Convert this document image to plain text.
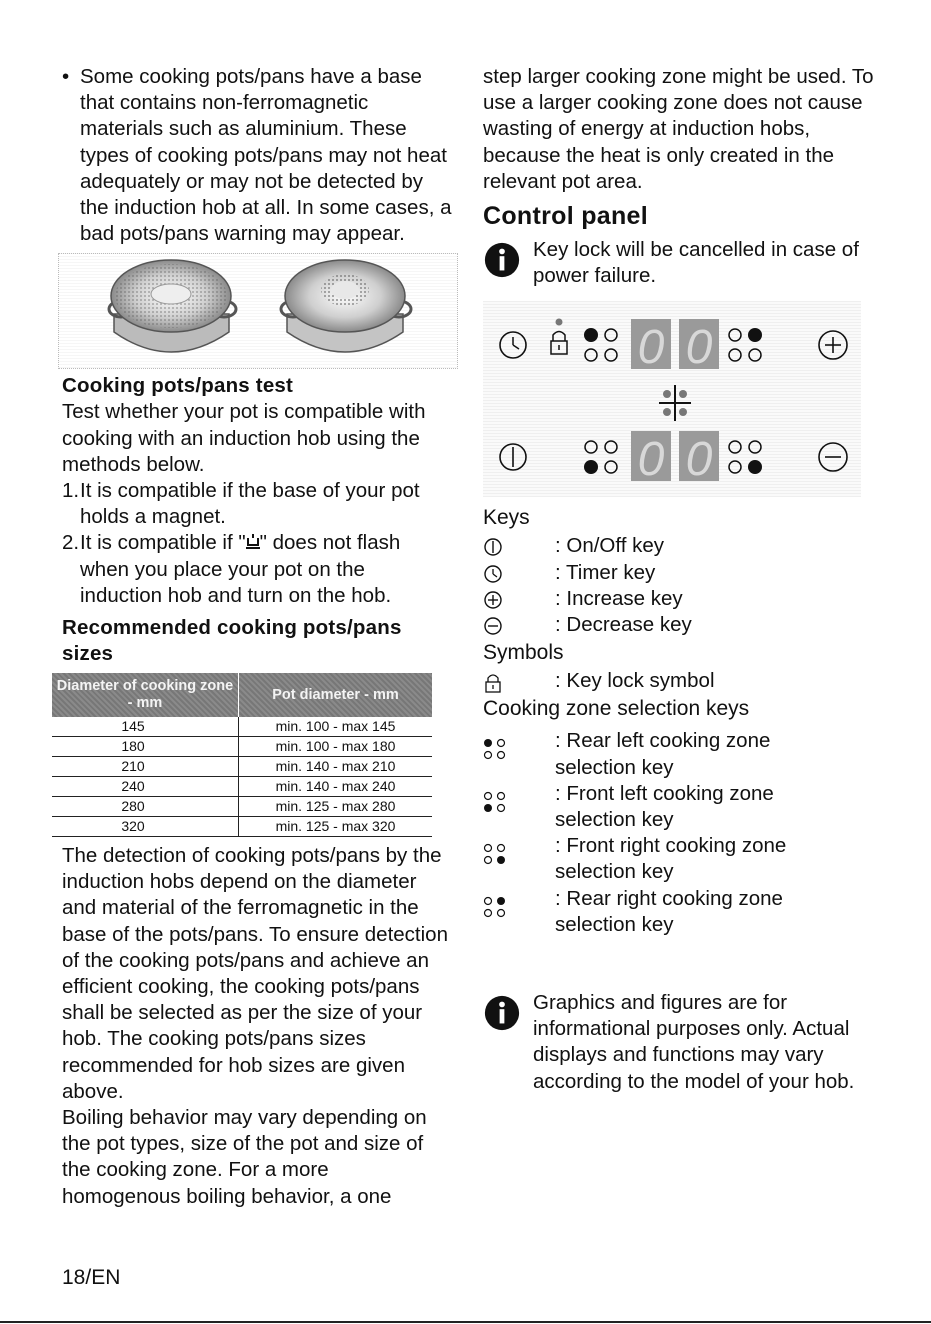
• Some cooking pots/pans have a base that contains non-ferromagnetic materials such as aluminium. These types of cooking pots/pans may not heat adequately or may not be detected by the induction hob at all. In some cases, a bad pots/pans warning may appear.

Cooking pots/pans test

Test whether your pot is compatible with cooking with an induction hob using the methods below.

1. It is compatible if the base of your pot holds a magnet.
2. It is compatible if " " does not flash when you place your pot on the induction hob and turn on the hob.
Recommended cooking pots/pans sizes
Diameter of cooking zone - mm	Pot diameter - mm
145	min. 100 - max 145
180	min. 100 - max 180
210	min. 140 - max 210
240	min. 140 - max 240
280	min. 125 - max 280
320	min. 125 - max 320

The detection of cooking pots/pans by the induction hobs depend on the diameter and material of the ferromagnetic in the base of the pots/pans. To ensure detection of the cooking pots/pans and achieve an efficient cooking, the cooking pots/pans shall be selected as per the size of your hob. The cooking pots/pans sizes recommended for hob sizes are given above.

Boiling behavior may vary depending on the pot types, size of the pot and size of the cooking zone. For a more homogenous boiling behavior, a one

step larger cooking zone might be used. To use a larger cooking zone does not cause wasting of energy at induction hobs, because the heat is only created in the relevant pot area.

Control panel

Key lock will be cancelled in case of power failure.

0 0
0 0
Keys
: On/Off key
: Timer key
: Increase key
: Decrease key
Symbols
: Key lock symbol
Cooking zone selection keys

: Rear left cooking zone

selection key

: Front left cooking zone

selection key

: Front right cooking zone

selection key

: Rear right cooking zone

selection key

Graphics and figures are for informational purposes only. Actual displays and functions may vary according to the model of your hob.

18/EN
